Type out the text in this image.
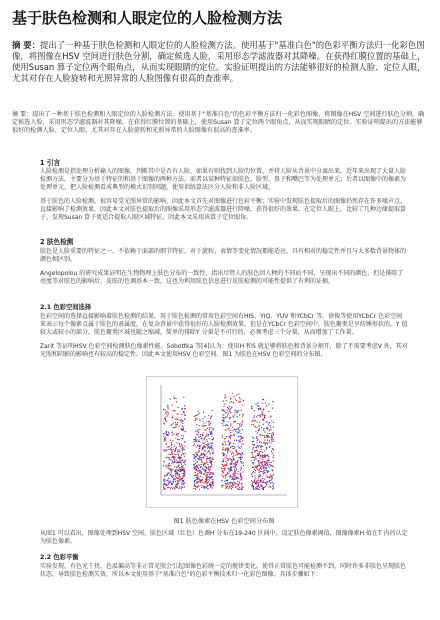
基于肤色检测和人眼定位的人脸检测方法
摘 要：提出了一种基于肤色检测和人眼定位的人脸检测方法。使用基于"基准白色"的色彩平衡方法归一化彩色图像，将图像在HSV 空间进行肤色分割，确定候选人脸，采用形态学滤波器对其降噪。在获得红膜位置的基础上，使用Susan 算子定位两个眼角点，从而实现眼睛的定位。实验证明提出的方法能够很好的检测人脸、定位人眼，尤其对存在人脸旋转和光照异常的人脸图像有很高的查准率。
摘 要：提出了一种基于肤色检测和人眼定位的人脸检测方法。使用基于"基准白色"的色彩平衡方法归一化彩色图像，将图像在HSV 空间进行肤色分割，确定候选人脸，采用形态学滤波器对其降噪。在获得红膜位置的基础上，使用Susan 算子定位两个眼角点，从而实现眼睛的定位。实验证明提出的方法能够很好的检测人脸、定位人眼，尤其对存在人脸旋转和光照异常的人脸图像有很高的查准率。
1 引言
人脸检测是指处理分析输入的图像，判断其中是否有人脸，如果有则找到人脸的位置，并将人脸从背景中分离出来。近年来出现了大量人脸检测方法，主要分为基于特征的和基于图像的两种方法。前者以某种特征如肤色、脸型、鼻子和嘴巴等为处理单元；后者以图像中的像素为处理单元，把人脸检测看成典型的模式识别问题，使用训练算法区分人脸和非人脸区域。
基于肤色的人脸检测，很容易受光照异常的影响，因此本文首先对图像进行色彩平衡；实验中发现肤色提取后的图像仍然存在许多噪声点，直接影响了检测效果，因此本文对肤色提取后的图像采用形态学滤波器进行降噪，获得很好的效果。在定位人眼上，比较了几种边缘提取算子，发现Susan 算子更适合提取人眼区域特征，因此本文采用该算子定位眼角。
2 肤色检测
肤色是人脸重要的特征之一，不依赖于面部的细节特征，对于旋转、表情等变化情况都能适应，具有相对的稳定性并且与大多数背景物体的颜色相区别。
Angelopolou 的研究成果证明在生物物理上肤色分布的一致性，指出尽管人的肤色因人种的不同而不同，呈现出不同的颜色，但是排除了亮度等对肤色的影响后，皮肤的色调基本一致，这也为利用肤色信息进行皮肤检测的可能性提供了有利的证据。
2.1 色彩空间选择
色彩空间的选择直接影响着肤色检测的结果，用于肤色检测的常用色彩空间有HIS、YIQ、YUV 和YCbCr 等。徐俊等使用YCbCr 色彩空间来表示每个像素点属于肤色的隶属度，在复杂背景中获得很好的人脸检测效果。但是在YCbCr 色彩空间中，肤色聚类是呈纺锤形状的，Y 值较大或较小的部分，肤色聚类区域也随之缩减，简单的排除Y 分量是不可行的，必须考虑三个分量，从而增加了工作量。
Zarit 等证明HSV 色彩空间检测肤色像素性能。Sobottka 等[4]认为：使用H 和S 就足够将肤色和背景分割开，除了不需要考虑V 外，其对光照和阴影的影响也有较高的稳定性。因此本文使用HSV 色彩空间。图1 为肤色在HSV 色彩空间的分布图。
图1 肤色像素在HSV 色彩空间分布图
从图1 可以看出，图像处理到HSV 空间，肤色区域（红色）色调H 分布在19-240 区间中。设定肤色像素阈值，图像像素H 值在T 内的认定为肤色像素。
2.2 色彩平衡
实验发现，有色光干扰、色温偏高等非正常光照会引起图像色彩统一定的规律变化，使得正常肤色可能检测不到，同时许多非肤色呈现肤色状态，导致肤色检测失效。所以本文使用基于"基准白色"的色彩平衡技术归一化彩色图像。具体步骤如下：
